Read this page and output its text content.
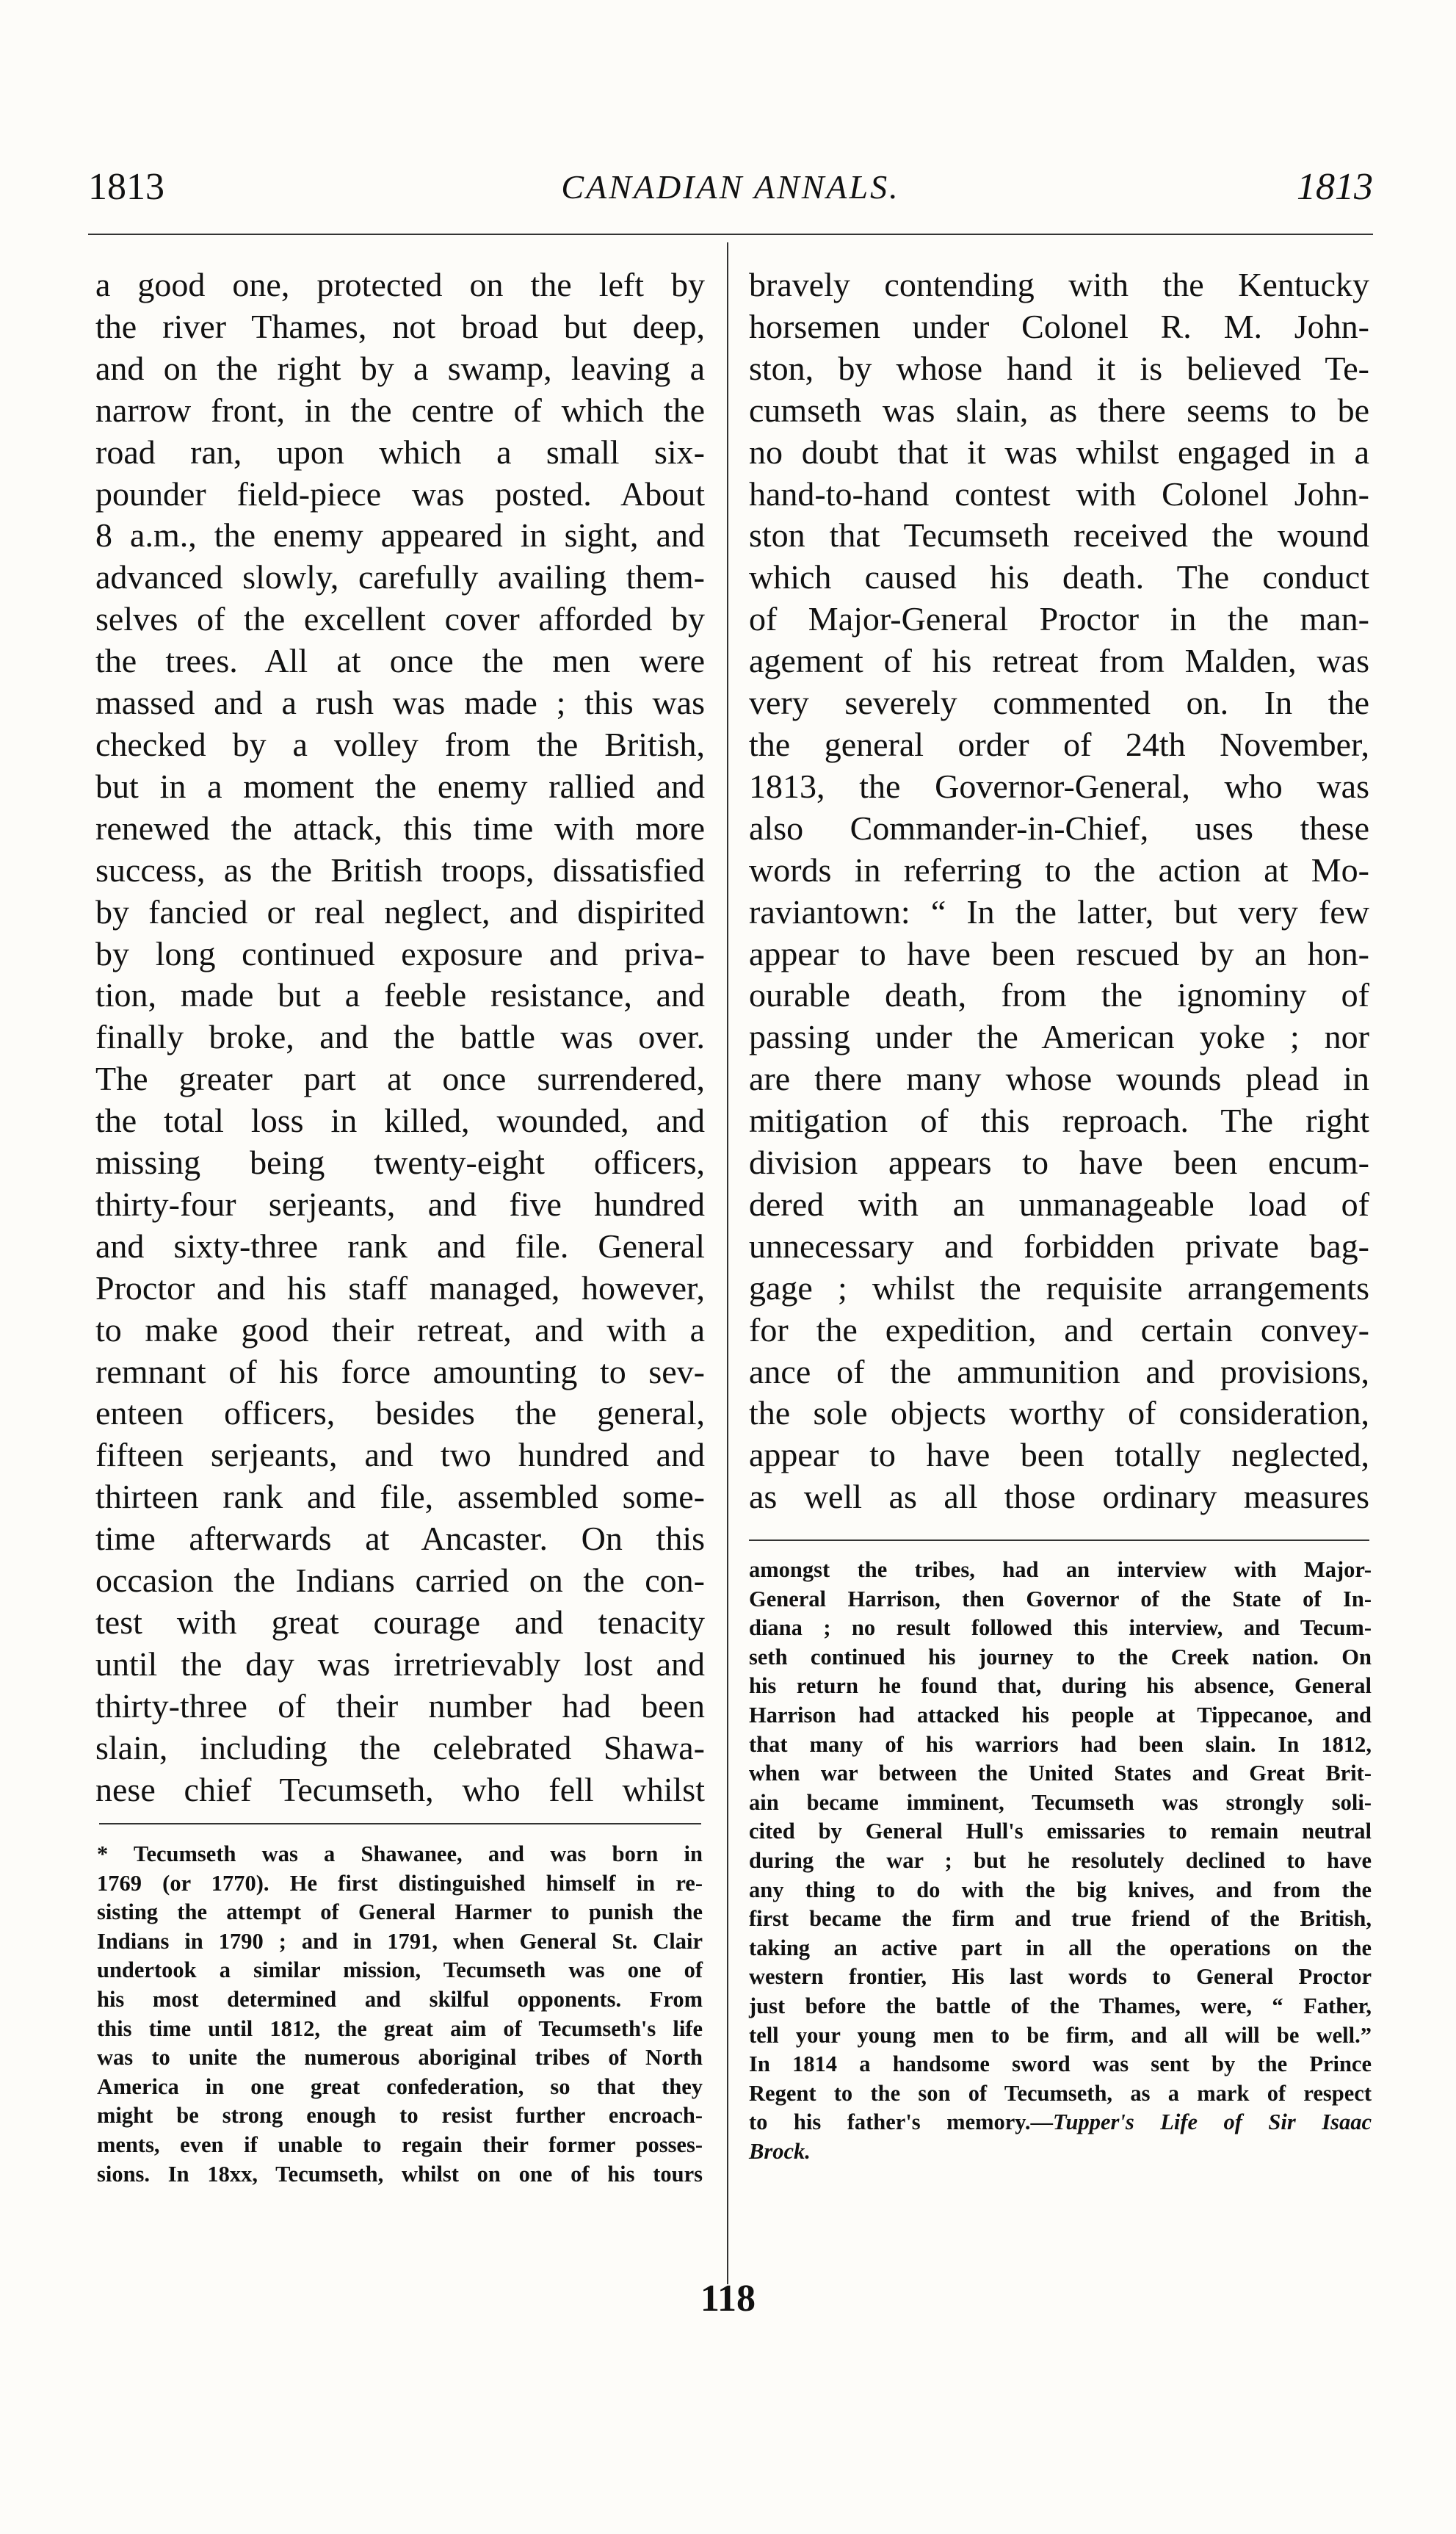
1813	CANADIAN ANNALS.	1813
a good one, protected on the left by
the river Thames, not broad but deep,
and on the right by a swamp, leaving a
narrow front, in the centre of which the
road ran, upon which a small six-
pounder field-piece was posted. About
8 a.m., the enemy appeared in sight, and
advanced slowly, carefully availing them-
selves of the excellent cover afforded by
the trees. All at once the men were
massed and a rush was made ; this was
checked by a volley from the British,
but in a moment the enemy rallied and
renewed the attack, this time with more
success, as the British troops, dissatisfied
by fancied or real neglect, and dispirited
by long continued exposure and priva-
tion, made but a feeble resistance, and
finally broke, and the battle was over.
The greater part at once surrendered,
the total loss in killed, wounded, and
missing being twenty-eight officers,
thirty-four serjeants, and five hundred
and sixty-three rank and file. General
Proctor and his staff managed, however,
to make good their retreat, and with a
remnant of his force amounting to sev-
enteen officers, besides the general,
fifteen serjeants, and two hundred and
thirteen rank and file, assembled some-
time afterwards at Ancaster. On this
occasion the Indians carried on the con-
test with great courage and tenacity
until the day was irretrievably lost and
thirty-three of their number had been
slain, including the celebrated Shawa-
nese chief Tecumseth, who fell whilst
bravely contending with the Kentucky
horsemen under Colonel R. M. John-
ston, by whose hand it is believed Te-
cumseth was slain, as there seems to be
no doubt that it was whilst engaged in a
hand-to-hand contest with Colonel John-
ston that Tecumseth received the wound
which caused his death. The conduct
of Major-General Proctor in the man-
agement of his retreat from Malden, was
very severely commented on. In the
the general order of 24th November,
1813, the Governor-General, who was
also Commander-in-Chief, uses these
words in referring to the action at Mo-
raviantown: “ In the latter, but very few
appear to have been rescued by an hon-
ourable death, from the ignominy of
passing under the American yoke ; nor
are there many whose wounds plead in
mitigation of this reproach. The right
division appears to have been encum-
dered with an unmanageable load of
unnecessary and forbidden private bag-
gage ; whilst the requisite arrangements
for the expedition, and certain convey-
ance of the ammunition and provisions,
the sole objects worthy of consideration,
appear to have been totally neglected,
as well as all those ordinary measures
* Tecumseth was a Shawanee, and was born in
1769 (or 1770). He first distinguished himself in re-
sisting the attempt of General Harmer to punish the
Indians in 1790 ; and in 1791, when General St. Clair
undertook a similar mission, Tecumseth was one of
his most determined and skilful opponents. From
this time until 1812, the great aim of Tecumseth's life
was to unite the numerous aboriginal tribes of North
America in one great confederation, so that they
might be strong enough to resist further encroach-
ments, even if unable to regain their former posses-
sions. In 18xx, Tecumseth, whilst on one of his tours
amongst the tribes, had an interview with Major-
General Harrison, then Governor of the State of In-
diana ; no result followed this interview, and Tecum-
seth continued his journey to the Creek nation. On
his return he found that, during his absence, General
Harrison had attacked his people at Tippecanoe, and
that many of his warriors had been slain. In 1812,
when war between the United States and Great Brit-
ain became imminent, Tecumseth was strongly soli-
cited by General Hull's emissaries to remain neutral
during the war ; but he resolutely declined to have
any thing to do with the big knives, and from the
first became the firm and true friend of the British,
taking an active part in all the operations on the
western frontier, His last words to General Proctor
just before the battle of the Thames, were, “ Father,
tell your young men to be firm, and all will be well.”
In 1814 a handsome sword was sent by the Prince
Regent to the son of Tecumseth, as a mark of respect
to his father's memory.—Tupper's Life of Sir Isaac
Brock.
118
